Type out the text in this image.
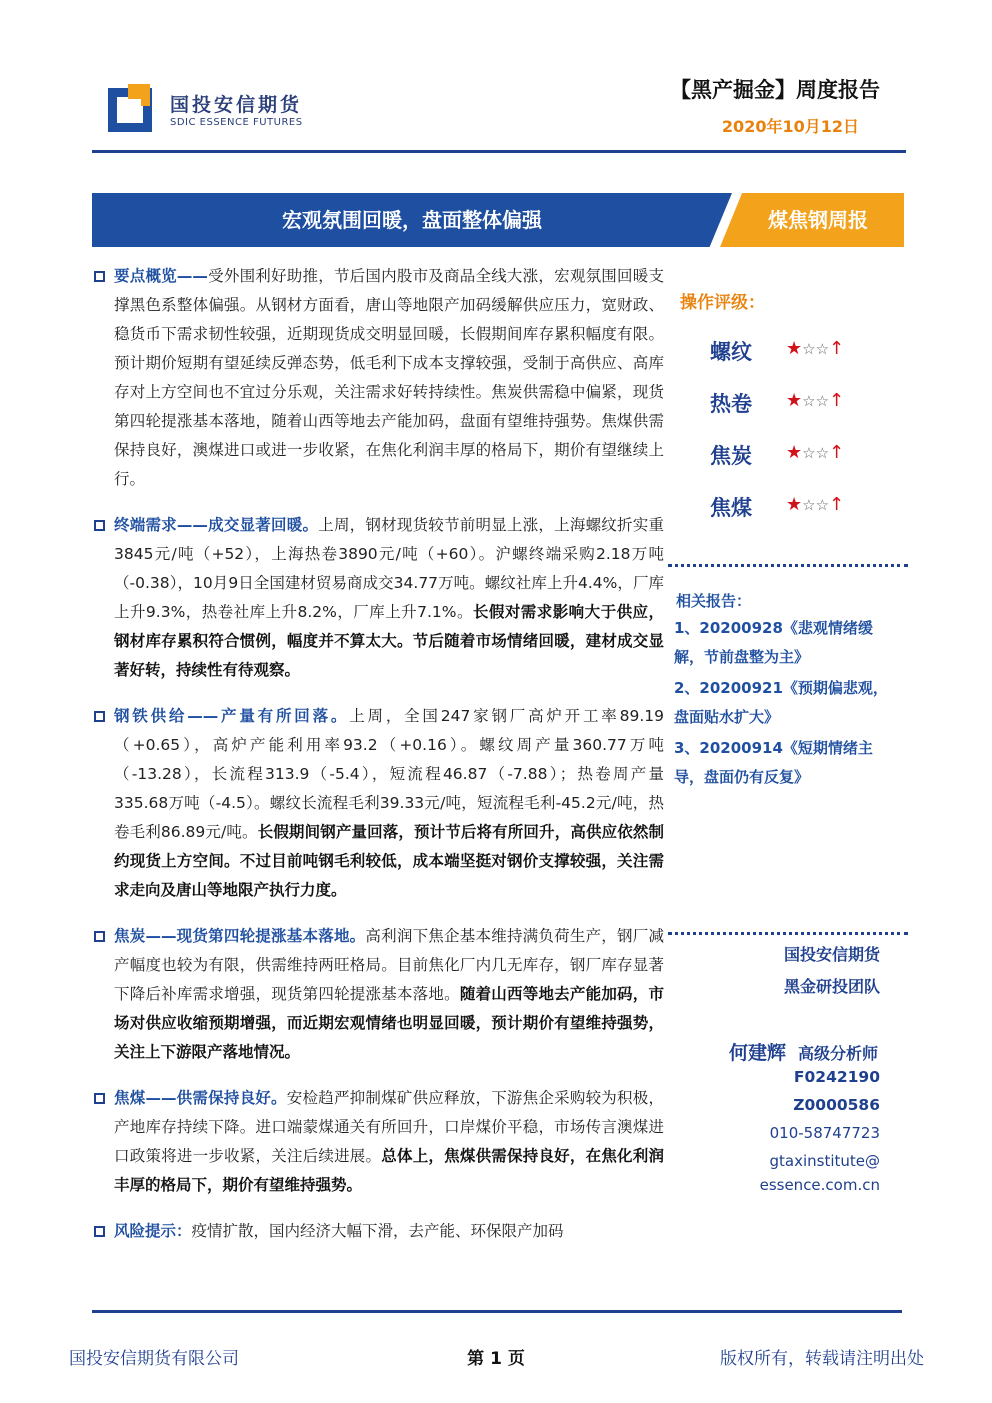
国投安信期货
SDIC ESSENCE FUTURES
【黑产掘金】周度报告
2020年10月12日
宏观氛围回暖，盘面整体偏强	煤焦钢周报
要点概览——受外围利好助推，节后国内股市及商品全线大涨，宏观氛围回暖支撑黑色系整体偏强。从钢材方面看，唐山等地限产加码缓解供应压力，宽财政、稳货币下需求韧性较强，近期现货成交明显回暖，长假期间库存累积幅度有限。预计期价短期有望延续反弹态势，低毛利下成本支撑较强，受制于高供应、高库存对上方空间也不宜过分乐观，关注需求好转持续性。焦炭供需稳中偏紧，现货第四轮提涨基本落地，随着山西等地去产能加码，盘面有望维持强势。焦煤供需保持良好，澳煤进口或进一步收紧，在焦化利润丰厚的格局下，期价有望继续上行。
终端需求——成交显著回暖。上周，钢材现货较节前明显上涨，上海螺纹折实重3845元/吨（+52），上海热卷3890元/吨（+60）。沪螺终端采购2.18万吨（-0.38），10月9日全国建材贸易商成交34.77万吨。螺纹社库上升4.4%，厂库上升9.3%，热卷社库上升8.2%，厂库上升7.1%。长假对需求影响大于供应，钢材库存累积符合惯例，幅度并不算太大。节后随着市场情绪回暖，建材成交显著好转，持续性有待观察。
钢铁供给——产量有所回落。上周，全国247家钢厂高炉开工率89.19（+0.65），高炉产能利用率93.2（+0.16）。螺纹周产量360.77万吨（-13.28），长流程313.9（-5.4），短流程46.87（-7.88）；热卷周产量335.68万吨（-4.5）。螺纹长流程毛利39.33元/吨，短流程毛利-45.2元/吨，热卷毛利86.89元/吨。长假期间钢产量回落，预计节后将有所回升，高供应依然制约现货上方空间。不过目前吨钢毛利较低，成本端坚挺对钢价支撑较强，关注需求走向及唐山等地限产执行力度。
焦炭——现货第四轮提涨基本落地。高利润下焦企基本维持满负荷生产，钢厂减产幅度也较为有限，供需维持两旺格局。目前焦化厂内几无库存，钢厂库存显著下降后补库需求增强，现货第四轮提涨基本落地。随着山西等地去产能加码，市场对供应收缩预期增强，而近期宏观情绪也明显回暖，预计期价有望维持强势，关注上下游限产落地情况。
焦煤——供需保持良好。安检趋严抑制煤矿供应释放，下游焦企采购较为积极，产地库存持续下降。进口端蒙煤通关有所回升，口岸煤价平稳，市场传言澳煤进口政策将进一步收紧，关注后续进展。总体上，焦煤供需保持良好，在焦化利润丰厚的格局下，期价有望维持强势。
风险提示：疫情扩散，国内经济大幅下滑，去产能、环保限产加码
操作评级：
螺纹 ★☆☆↑
热卷 ★☆☆↑
焦炭 ★☆☆↑
焦煤 ★☆☆↑
相关报告：
1、20200928《悲观情绪缓解，节前盘整为主》
2、20200921《预期偏悲观，盘面贴水扩大》
3、20200914《短期情绪主导，盘面仍有反复》
国投安信期货
黑金研投团队
何建辉 高级分析师
F0242190
Z0000586
010-58747723
gtaxinstitute@
essence.com.cn
国投安信期货有限公司	第 1 页	版权所有，转载请注明出处
